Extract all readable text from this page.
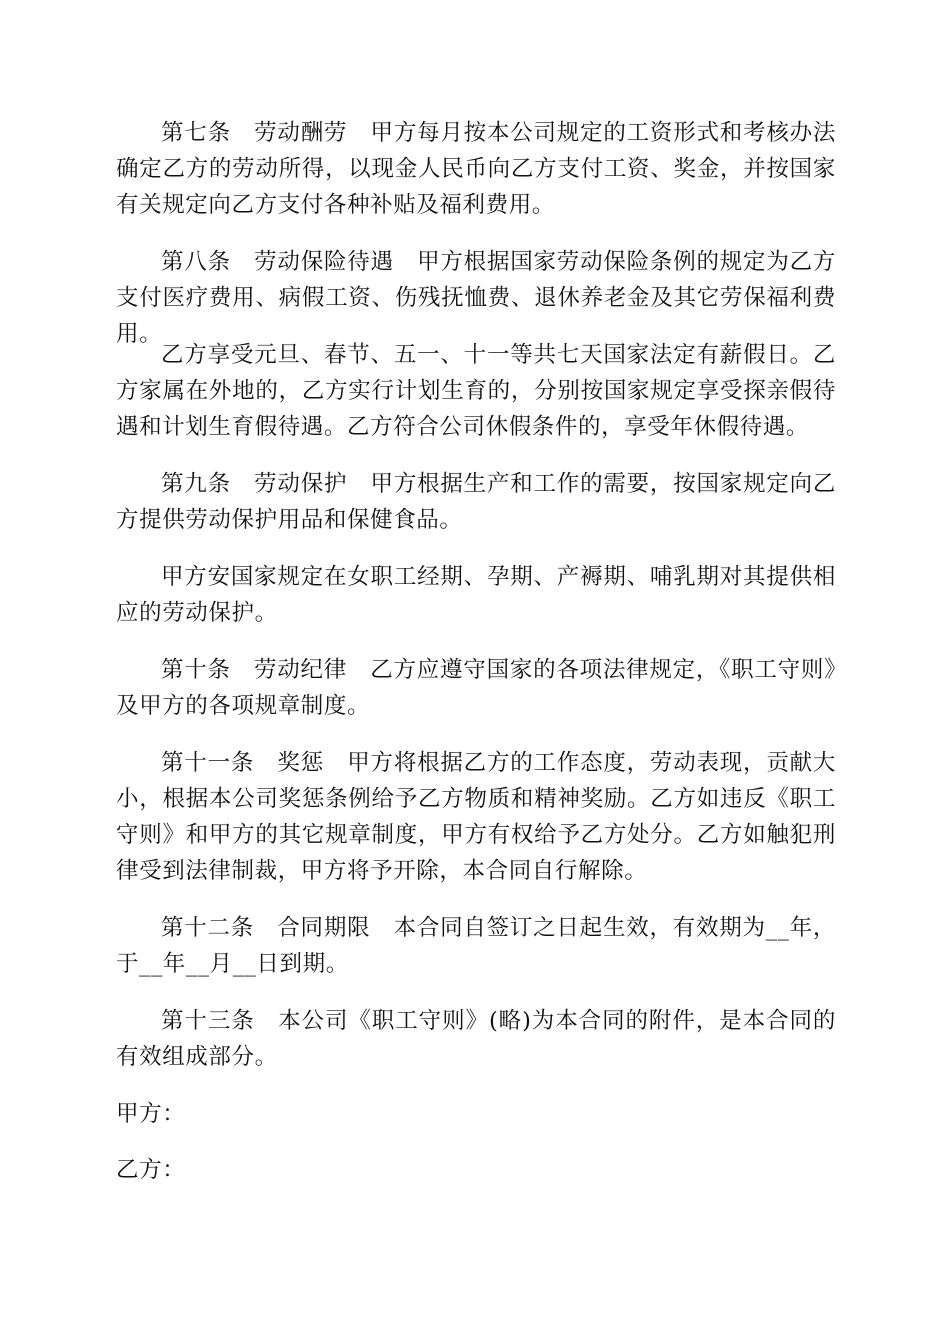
第七条　劳动酬劳　甲方每月按本公司规定的工资形式和考核办法确定乙方的劳动所得，以现金人民币向乙方支付工资、奖金，并按国家有关规定向乙方支付各种补贴及福利费用。

第八条　劳动保险待遇　甲方根据国家劳动保险条例的规定为乙方支付医疗费用、病假工资、伤残抚恤费、退休养老金及其它劳保福利费用。

乙方享受元旦、春节、五一、十一等共七天国家法定有薪假日。乙方家属在外地的，乙方实行计划生育的，分别按国家规定享受探亲假待遇和计划生育假待遇。乙方符合公司休假条件的，享受年休假待遇。

第九条　劳动保护　甲方根据生产和工作的需要，按国家规定向乙方提供劳动保护用品和保健食品。

甲方安国家规定在女职工经期、孕期、产褥期、哺乳期对其提供相应的劳动保护。

第十条　劳动纪律　乙方应遵守国家的各项法律规定，《职工守则》及甲方的各项规章制度。

第十一条　奖惩　甲方将根据乙方的工作态度，劳动表现，贡献大小，根据本公司奖惩条例给予乙方物质和精神奖励。乙方如违反《职工守则》和甲方的其它规章制度，甲方有权给予乙方处分。乙方如触犯刑律受到法律制裁，甲方将予开除，本合同自行解除。

第十二条　合同期限　本合同自签订之日起生效，有效期为__年，于__年__月__日到期。

第十三条　本公司《职工守则》(略)为本合同的附件，是本合同的有效组成部分。

甲方：

乙方：
